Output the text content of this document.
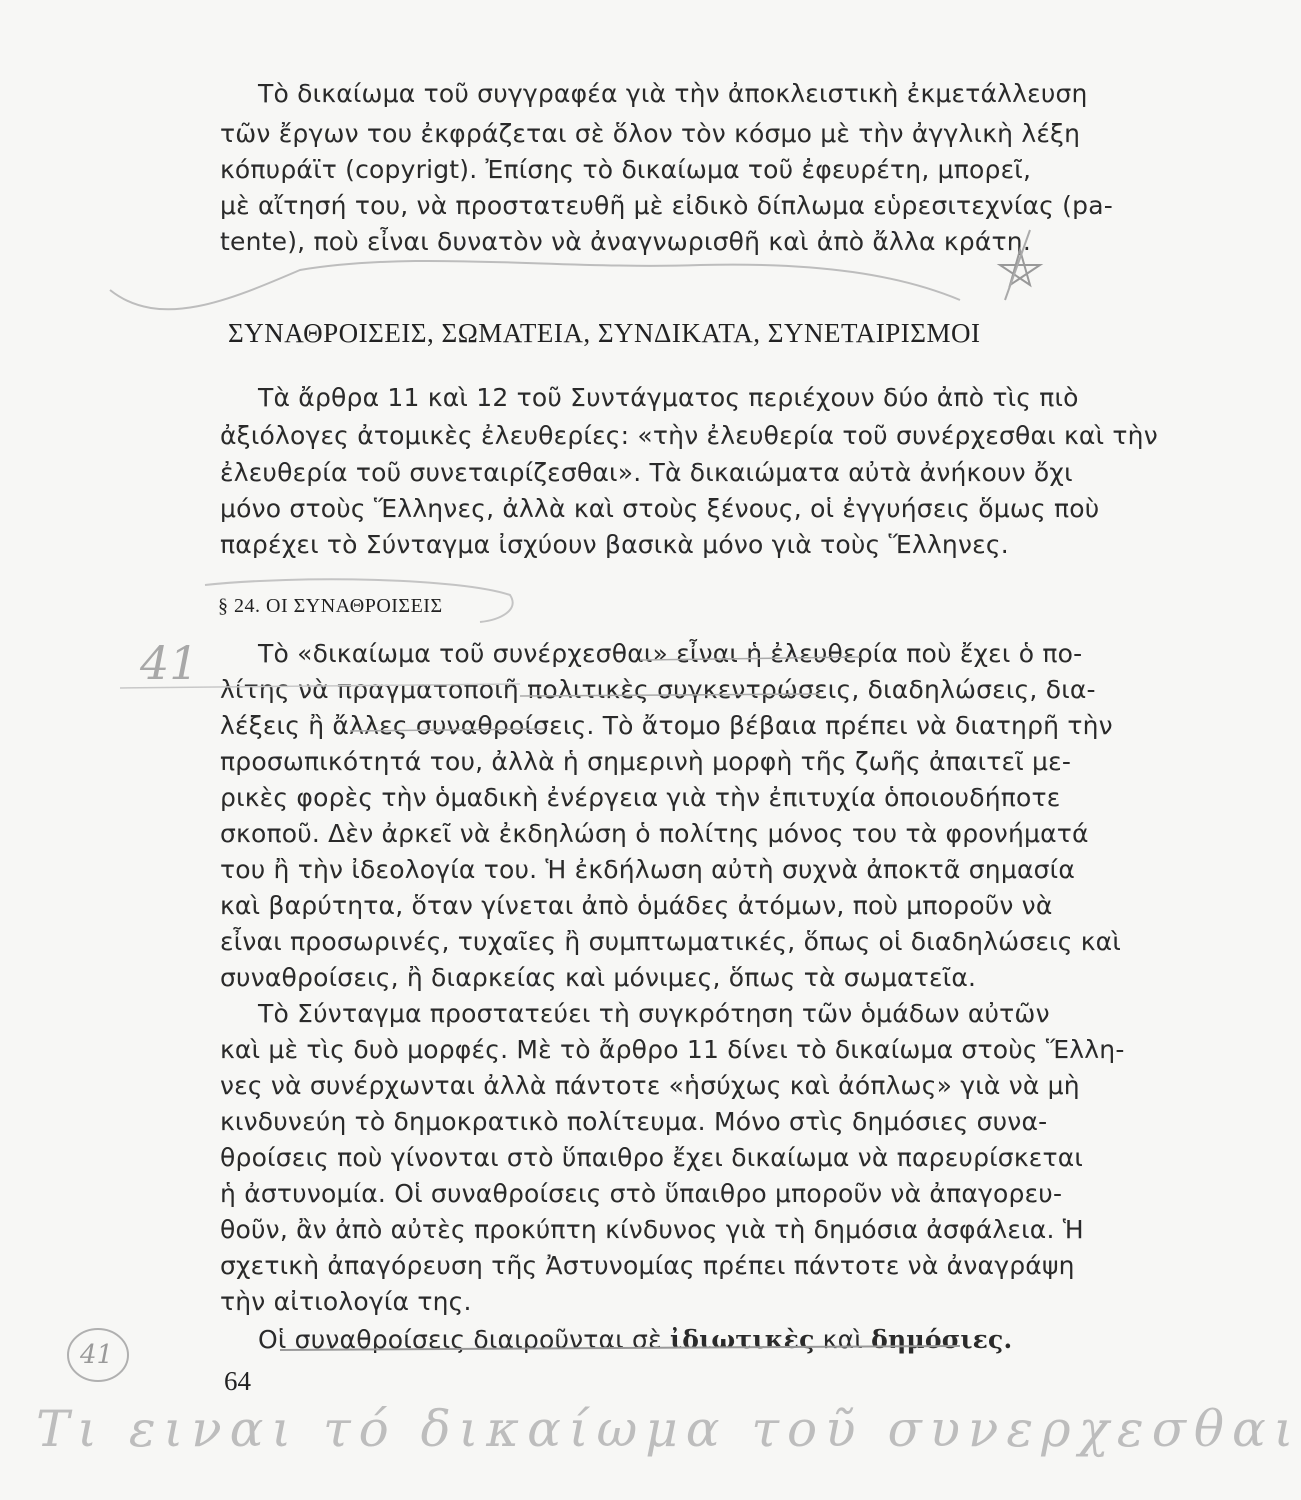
Τὸ δικαίωμα τοῦ συγγραφέα γιὰ τὴν ἀποκλειστικὴ ἐκμετάλλευση
τῶν ἔργων του ἐκφράζεται σὲ ὅλον τὸν κόσμο μὲ τὴν ἀγγλικὴ λέξη
κόπυράϊτ (copyrigt). Ἐπίσης τὸ δικαίωμα τοῦ ἐφευρέτη, μπορεῖ,
μὲ αἴτησή του, νὰ προστατευθῆ μὲ εἰδικὸ δίπλωμα εὑρεσιτεχνίας (pa-
tente), ποὺ εἶναι δυνατὸν νὰ ἀναγνωρισθῆ καὶ ἀπὸ ἄλλα κράτη.
ΣΥΝΑΘΡΟΙΣΕΙΣ, ΣΩΜΑΤΕΙΑ, ΣΥΝΔΙΚΑΤΑ, ΣΥΝΕΤΑΙΡΙΣΜΟΙ
Τὰ ἄρθρα 11 καὶ 12 τοῦ Συντάγματος περιέχουν δύο ἀπὸ τὶς πιὸ
ἀξιόλογες ἀτομικὲς ἐλευθερίες: «τὴν ἐλευθερία τοῦ συνέρχεσθαι καὶ τὴν
ἐλευθερία τοῦ συνεταιρίζεσθαι». Τὰ δικαιώματα αὐτὰ ἀνήκουν ὄχι
μόνο στοὺς Ἕλληνες, ἀλλὰ καὶ στοὺς ξένους, οἱ ἐγγυήσεις ὅμως ποὺ
παρέχει τὸ Σύνταγμα ἰσχύουν βασικὰ μόνο γιὰ τοὺς Ἕλληνες.
§ 24. ΟΙ ΣΥΝΑΘΡΟΙΣΕΙΣ
Τὸ «δικαίωμα τοῦ συνέρχεσθαι» εἶναι ἡ ἐλευθερία ποὺ ἔχει ὁ πο-
λίτης νὰ πραγματοποιῆ πολιτικὲς συγκεντρώσεις, διαδηλώσεις, δια-
λέξεις ἢ ἄλλες συναθροίσεις. Τὸ ἄτομο βέβαια πρέπει νὰ διατηρῆ τὴν
προσωπικότητά του, ἀλλὰ ἡ σημερινὴ μορφὴ τῆς ζωῆς ἀπαιτεῖ με-
ρικὲς φορὲς τὴν ὁμαδικὴ ἐνέργεια γιὰ τὴν ἐπιτυχία ὁποιουδήποτε
σκοποῦ. Δὲν ἀρκεῖ νὰ ἐκδηλώση ὁ πολίτης μόνος του τὰ φρονήματά
του ἢ τὴν ἰδεολογία του. Ἡ ἐκδήλωση αὐτὴ συχνὰ ἀποκτᾶ σημασία
καὶ βαρύτητα, ὅταν γίνεται ἀπὸ ὁμάδες ἀτόμων, ποὺ μποροῦν νὰ
εἶναι προσωρινές, τυχαῖες ἢ συμπτωματικές, ὅπως οἱ διαδηλώσεις καὶ
συναθροίσεις, ἢ διαρκείας καὶ μόνιμες, ὅπως τὰ σωματεῖα.
Τὸ Σύνταγμα προστατεύει τὴ συγκρότηση τῶν ὁμάδων αὐτῶν
καὶ μὲ τὶς δυὸ μορφές. Μὲ τὸ ἄρθρο 11 δίνει τὸ δικαίωμα στοὺς Ἕλλη-
νες νὰ συνέρχωνται ἀλλὰ πάντοτε «ἡσύχως καὶ ἀόπλως» γιὰ νὰ μὴ
κινδυνεύη τὸ δημοκρατικὸ πολίτευμα. Μόνο στὶς δημόσιες συνα-
θροίσεις ποὺ γίνονται στὸ ὕπαιθρο ἔχει δικαίωμα νὰ παρευρίσκεται
ἡ ἀστυνομία. Οἱ συναθροίσεις στὸ ὕπαιθρο μποροῦν νὰ ἀπαγορευ-
θοῦν, ἂν ἀπὸ αὐτὲς προκύπτη κίνδυνος γιὰ τὴ δημόσια ἀσφάλεια. Ἡ
σχετικὴ ἀπαγόρευση τῆς Ἀστυνομίας πρέπει πάντοτε νὰ ἀναγράψη
τὴν αἰτιολογία της.
Οἱ συναθροίσεις διαιροῦνται σὲ ἰδιωτικὲς καὶ δημόσιες.
64
41
41
Τι ειναι τό δικαίωμα τοῦ συνερχεσθαι
